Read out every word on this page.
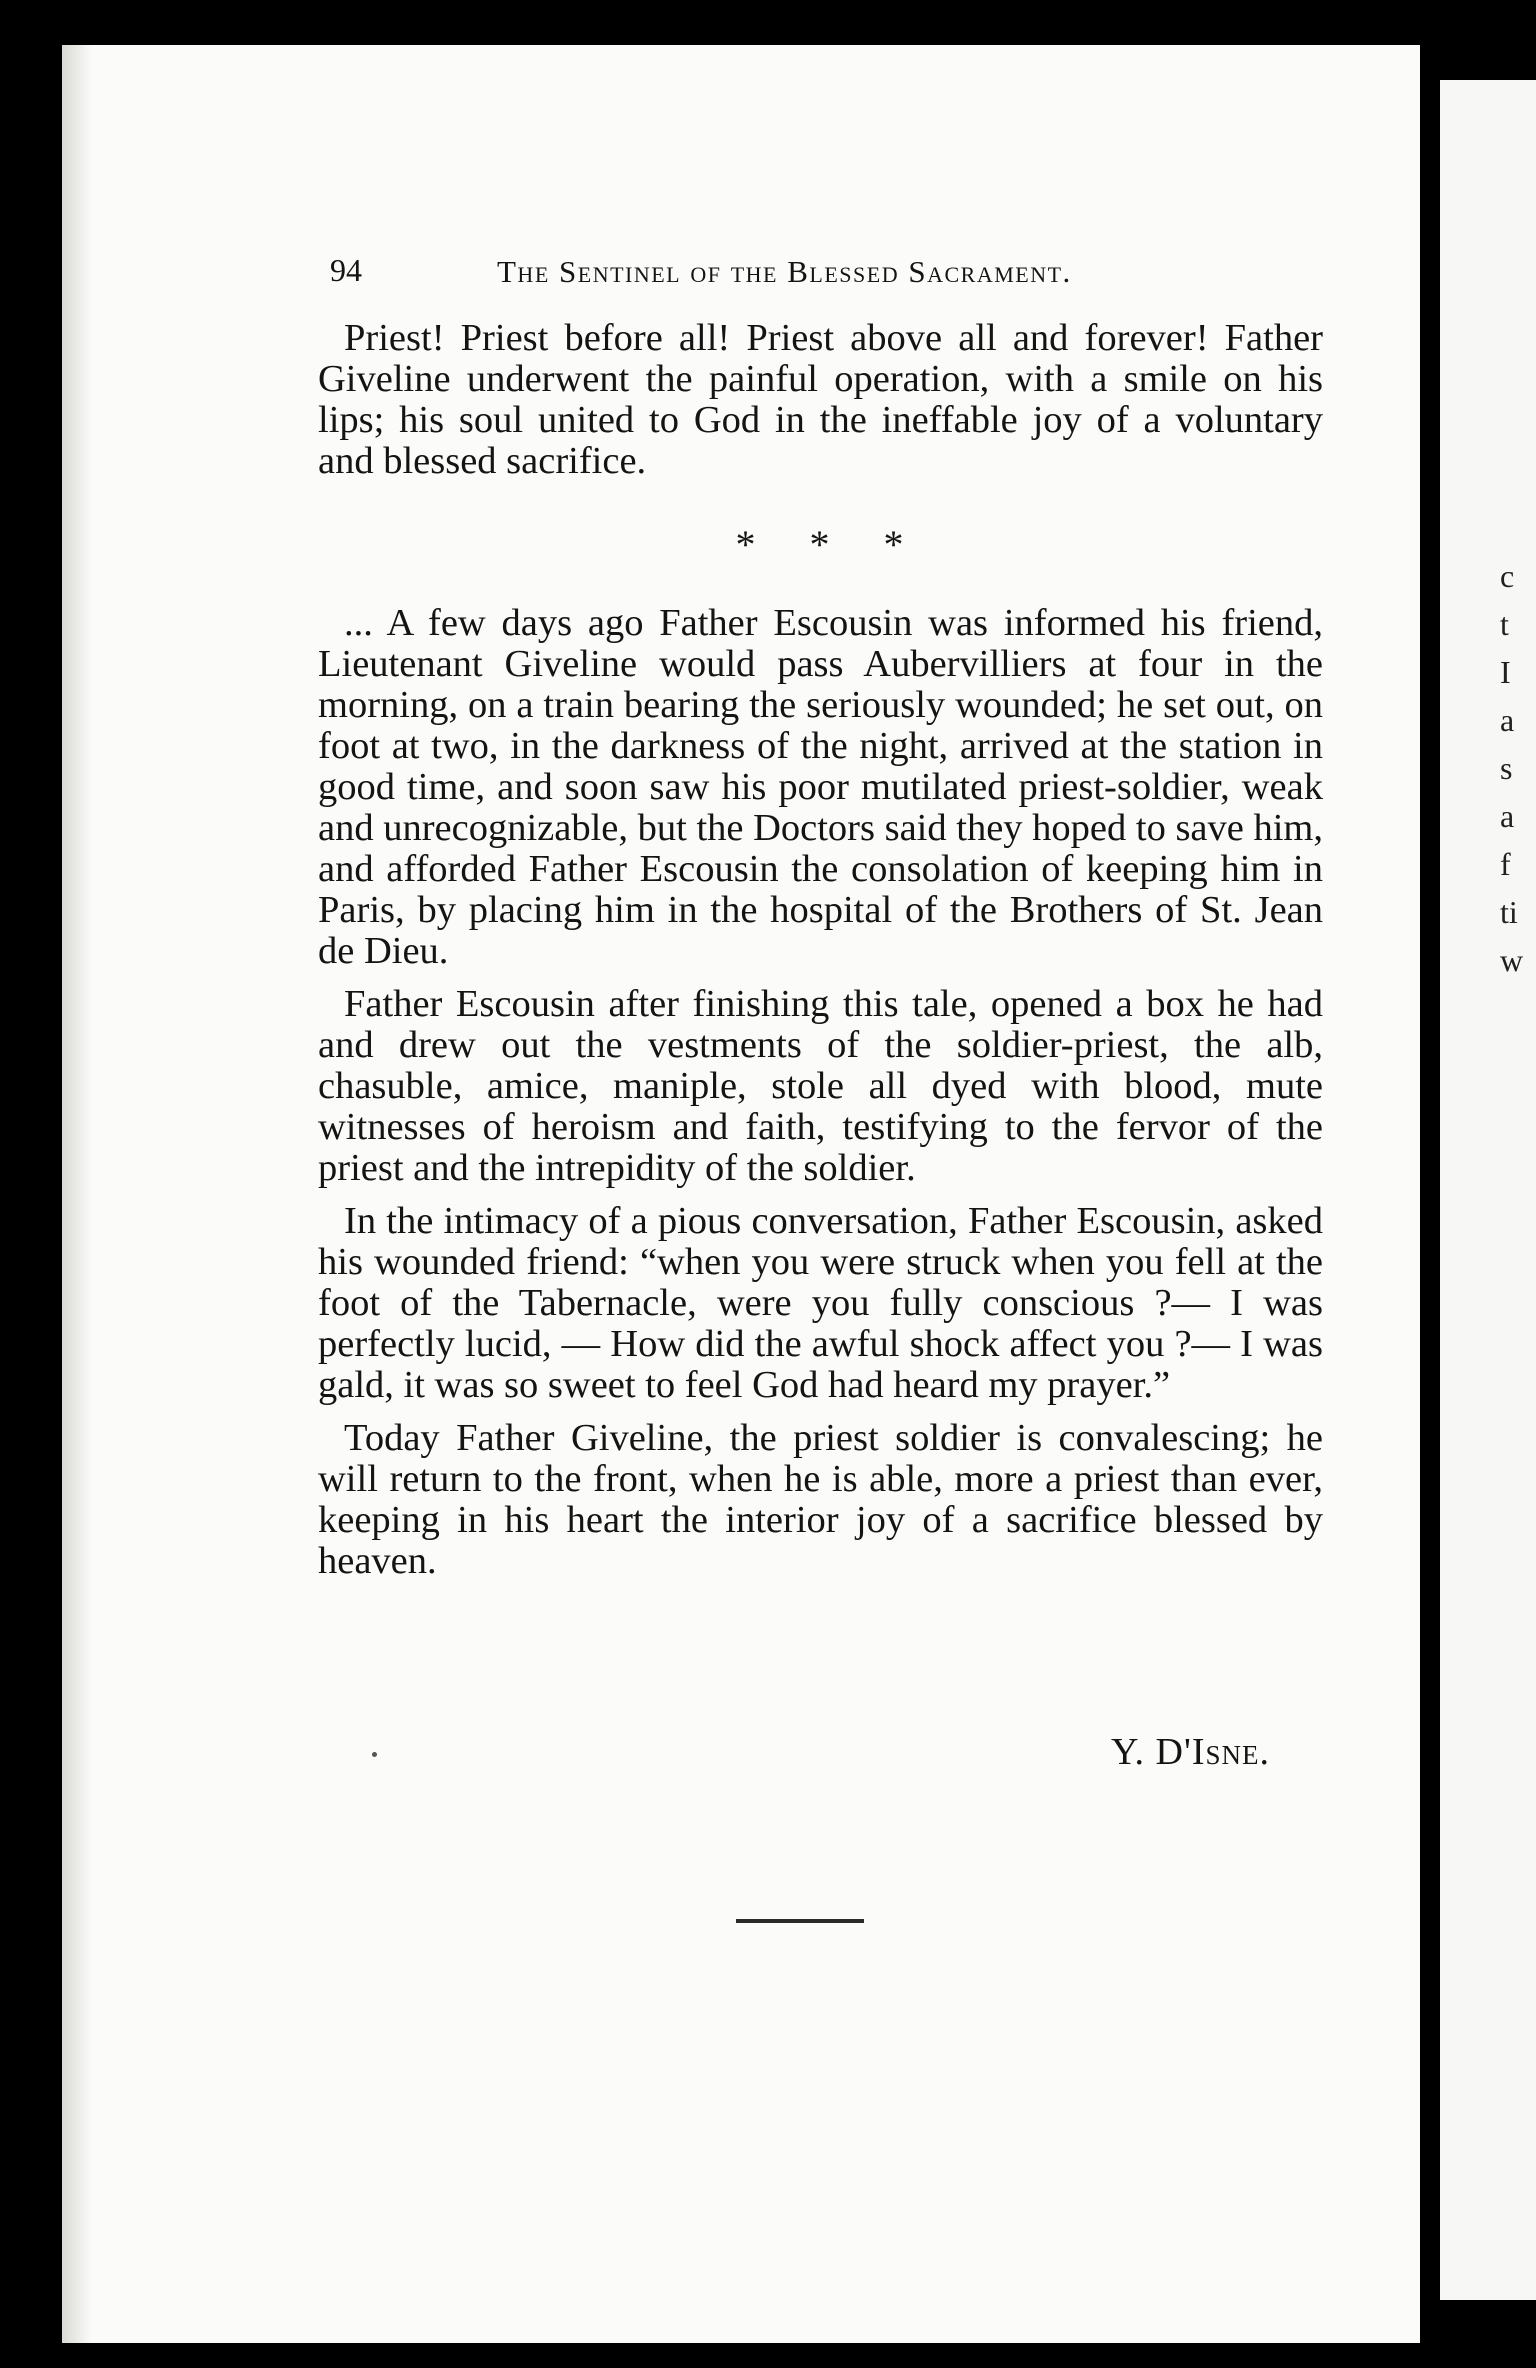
c
t
I
a
s
a
f
ti
w
94	The Sentinel of the Blessed Sacrament.

Priest! Priest before all! Priest above all and forever! Father Giveline underwent the painful operation, with a smile on his lips; his soul united to God in the ineffable joy of a voluntary and blessed sacrifice.

* * *

... A few days ago Father Escousin was informed his friend, Lieutenant Giveline would pass Aubervilliers at four in the morning, on a train bearing the seriously wounded; he set out, on foot at two, in the darkness of the night, arrived at the station in good time, and soon saw his poor mutilated priest-soldier, weak and unrecognizable, but the Doctors said they hoped to save him, and afforded Father Escousin the consolation of keeping him in Paris, by placing him in the hospital of the Brothers of St. Jean de Dieu.

Father Escousin after finishing this tale, opened a box he had and drew out the vestments of the soldier-priest, the alb, chasuble, amice, maniple, stole all dyed with blood, mute witnesses of heroism and faith, testifying to the fervor of the priest and the intrepidity of the soldier.

In the intimacy of a pious conversation, Father Escousin, asked his wounded friend: “when you were struck when you fell at the foot of the Tabernacle, were you fully conscious ?— I was perfectly lucid, — How did the awful shock affect you ?— I was gald, it was so sweet to feel God had heard my prayer.”

Today Father Giveline, the priest soldier is convalescing; he will return to the front, when he is able, more a priest than ever, keeping in his heart the interior joy of a sacrifice blessed by heaven.

Y. D'Isne.
